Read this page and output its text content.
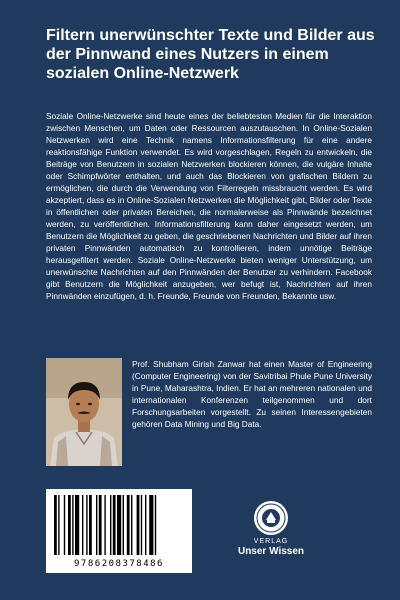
Filtern unerwünschter Texte und Bilder aus der Pinnwand eines Nutzers in einem sozialen Online-Netzwerk

Soziale Online-Netzwerke sind heute eines der beliebtesten Medien für die Interaktion zwischen Menschen, um Daten oder Ressourcen auszutauschen. In Online-Sozialen Netzwerken wird eine Technik namens Informationsfilterung für eine andere reaktionsfähige Funktion verwendet. Es wird vorgeschlagen, Regeln zu entwickeln, die Beiträge von Benutzern in sozialen Netzwerken blockieren können, die vulgäre Inhalte oder Schimpfwörter enthalten, und auch das Blockieren von grafischen Bildern zu ermöglichen, die durch die Verwendung von Filterregeln missbraucht werden. Es wird akzeptiert, dass es in Online-Sozialen Netzwerken die Möglichkeit gibt, Bilder oder Texte in öffentlichen oder privaten Bereichen, die normalerweise als Pinnwände bezeichnet werden, zu veröffentlichen. Informationsfilterung kann daher eingesetzt werden, um Benutzern die Möglichkeit zu geben, die geschriebenen Nachrichten und Bilder auf ihren privaten Pinnwänden automatisch zu kontrollieren, indem unnötige Beiträge herausgefiltert werden. Soziale Online-Netzwerke bieten weniger Unterstützung, um unerwünschte Nachrichten auf den Pinnwänden der Benutzer zu verhindern. Facebook gibt Benutzern die Möglichkeit anzugeben, wer befugt ist, Nachrichten auf ihren Pinnwänden einzufügen, d. h. Freunde, Freunde von Freunden, Bekannte usw.

Prof. Shubham Girish Zanwar hat einen Master of Engineering (Computer Engineering) von der Savitribai Phule Pune University in Pune, Maharashtra, Indien. Er hat an mehreren nationalen und internationalen Konferenzen teilgenommen und dort Forschungsarbeiten vorgestellt. Zu seinen Interessengebieten gehören Data Mining und Big Data.

9786208378486
VERLAG
Unser Wissen
